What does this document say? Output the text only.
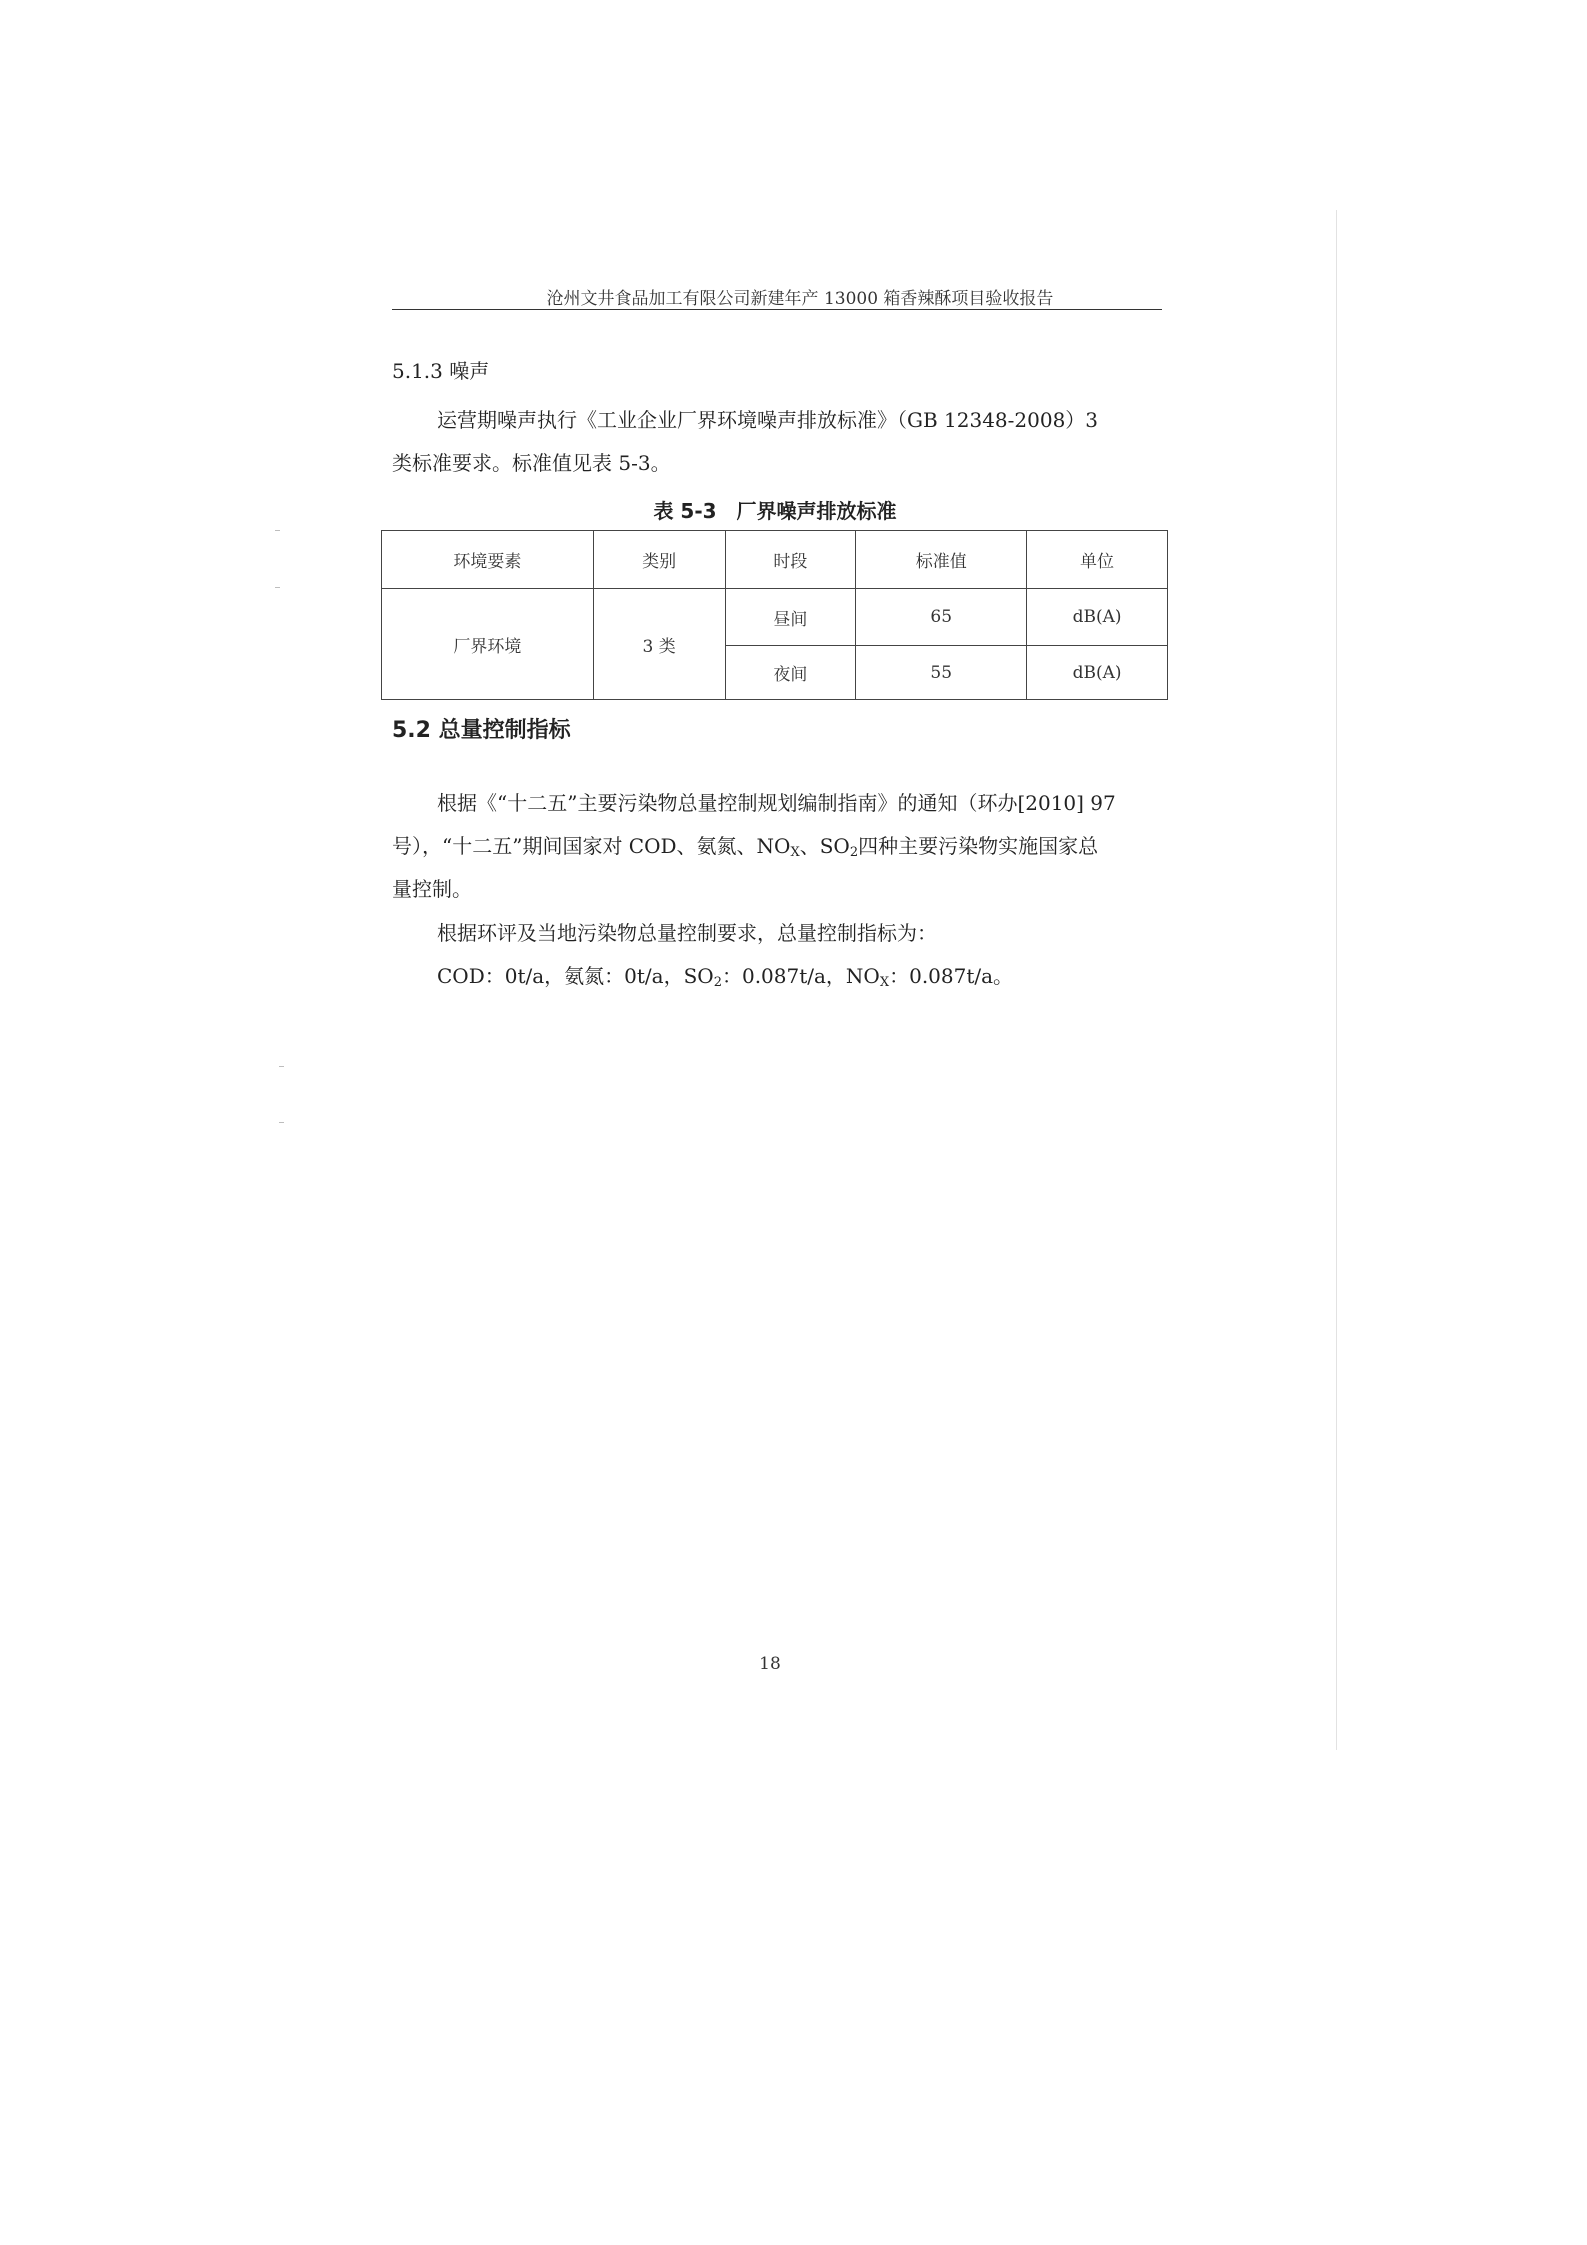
沧州文井食品加工有限公司新建年产 13000 箱香辣酥项目验收报告
5.1.3 噪声
运营期噪声执行《工业企业厂界环境噪声排放标准》（GB 12348-2008）3
类标准要求。标准值见表 5-3。
表 5-3　厂界噪声排放标准
环境要素	类别	时段	标准值	单位
厂界环境	3 类	昼间	65	dB(A)
		夜间	55	dB(A)
5.2 总量控制指标
根据《“十二五”主要污染物总量控制规划编制指南》的通知（环办[2010] 97
号），“十二五”期间国家对 COD、氨氮、$NO_X$、$SO_2$四种主要污染物实施国家总
量控制。
根据环评及当地污染物总量控制要求，总量控制指标为：
COD：0t/a，氨氮：0t/a，$SO_2$：0.087t/a，$NO_X$：0.087t/a。
18
